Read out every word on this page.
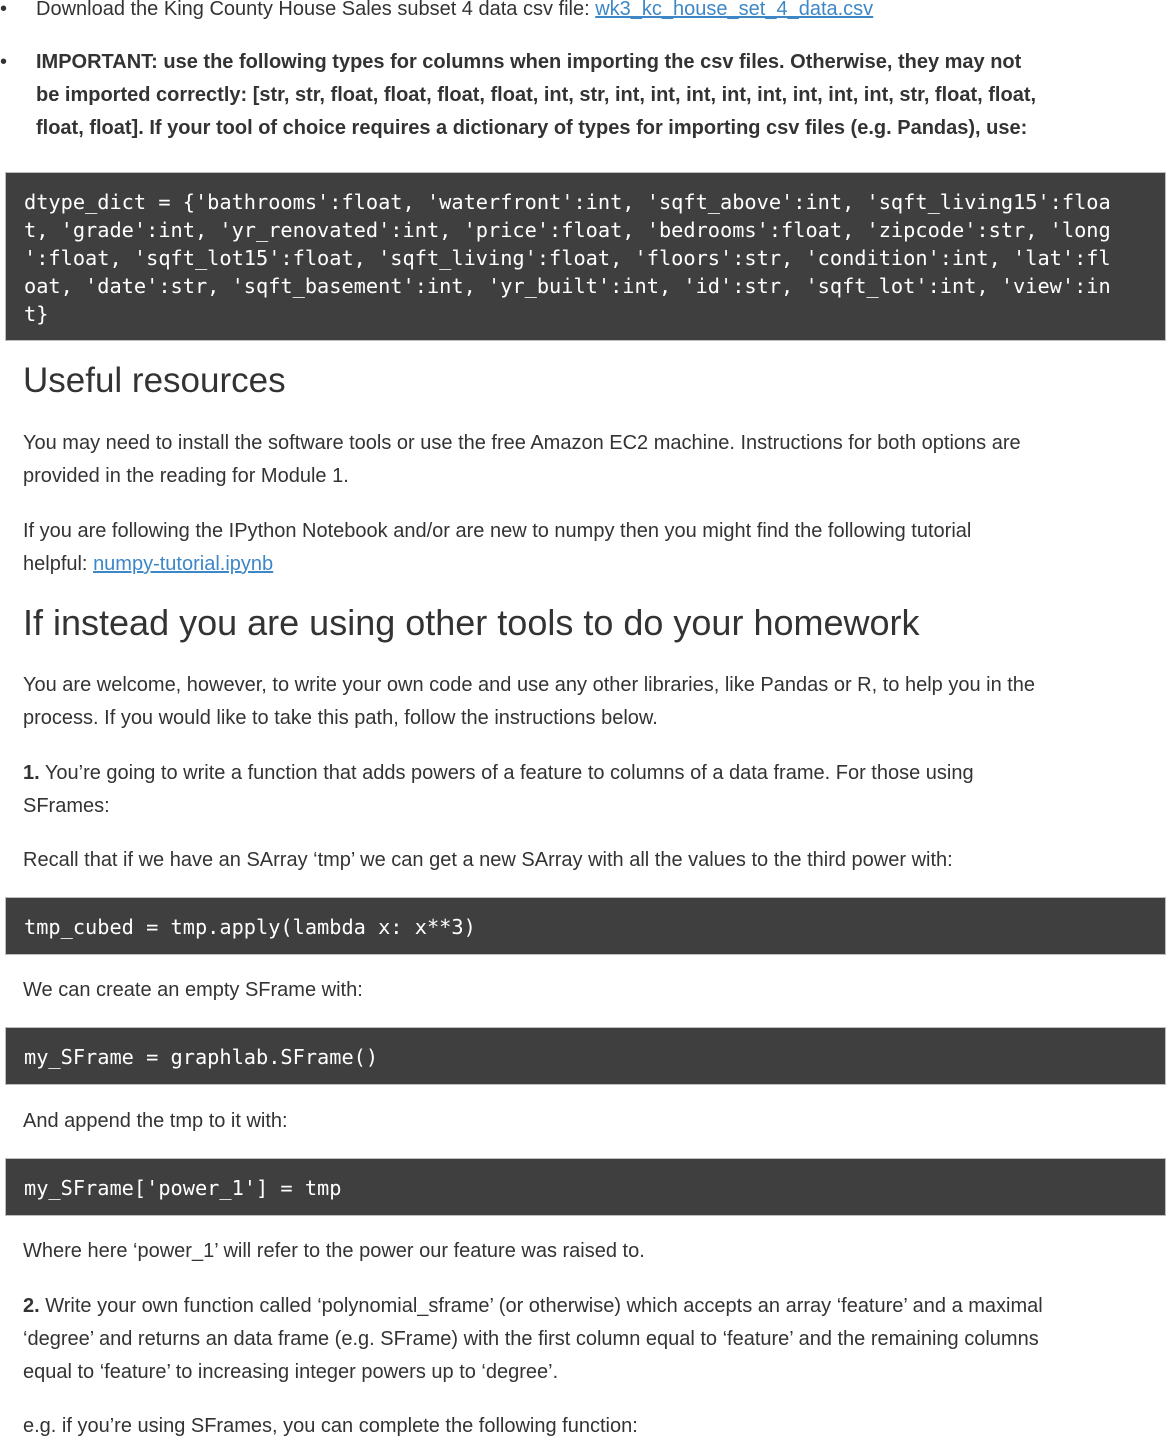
• Download the King County House Sales subset 4 data csv file: wk3_kc_house_set_4_data.csv
• IMPORTANT: use the following types for columns when importing the csv files. Otherwise, they may not
be imported correctly: [str, str, float, float, float, float, int, str, int, int, int, int, int, int, int, int, str, float, float,
float, float]. If your tool of choice requires a dictionary of types for importing csv files (e.g. Pandas), use:
dtype_dict = {'bathrooms':float, 'waterfront':int, 'sqft_above':int, 'sqft_living15':floa
t, 'grade':int, 'yr_renovated':int, 'price':float, 'bedrooms':float, 'zipcode':str, 'long
':float, 'sqft_lot15':float, 'sqft_living':float, 'floors':str, 'condition':int, 'lat':fl
oat, 'date':str, 'sqft_basement':int, 'yr_built':int, 'id':str, 'sqft_lot':int, 'view':in
t}
Useful resources
You may need to install the software tools or use the free Amazon EC2 machine. Instructions for both options are
provided in the reading for Module 1.
If you are following the IPython Notebook and/or are new to numpy then you might find the following tutorial
helpful: numpy-tutorial.ipynb
If instead you are using other tools to do your homework
You are welcome, however, to write your own code and use any other libraries, like Pandas or R, to help you in the
process. If you would like to take this path, follow the instructions below.
1. You’re going to write a function that adds powers of a feature to columns of a data frame. For those using
SFrames:
Recall that if we have an SArray ‘tmp’ we can get a new SArray with all the values to the third power with:
tmp_cubed = tmp.apply(lambda x: x**3)
We can create an empty SFrame with:
my_SFrame = graphlab.SFrame()
And append the tmp to it with:
my_SFrame['power_1'] = tmp
Where here ‘power_1’ will refer to the power our feature was raised to.
2. Write your own function called ‘polynomial_sframe’ (or otherwise) which accepts an array ‘feature’ and a maximal
‘degree’ and returns an data frame (e.g. SFrame) with the first column equal to ‘feature’ and the remaining columns
equal to ‘feature’ to increasing integer powers up to ‘degree’.
e.g. if you’re using SFrames, you can complete the following function:
